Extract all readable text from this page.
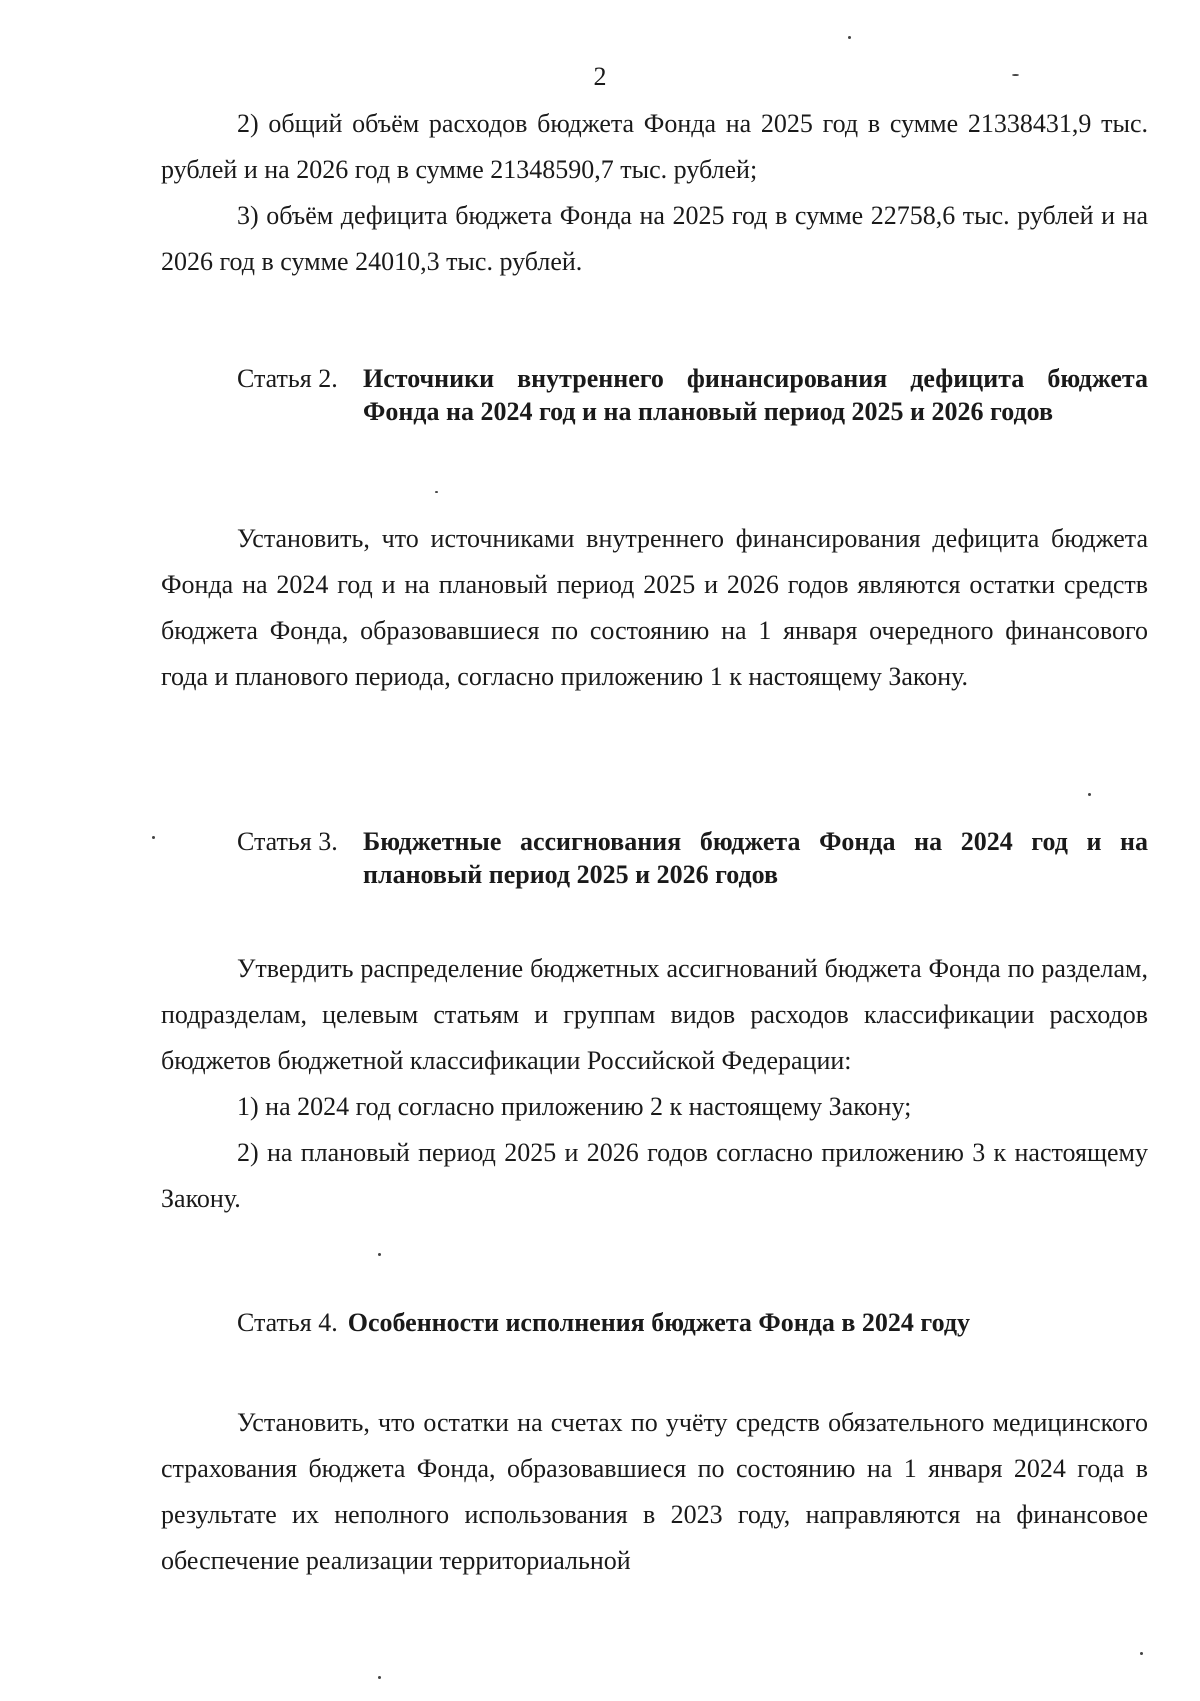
2

2) общий объём расходов бюджета Фонда на 2025 год в сумме 21338431,9 тыс. рублей и на 2026 год в сумме 21348590,7 тыс. рублей;

3) объём дефицита бюджета Фонда на 2025 год в сумме 22758,6 тыс. рублей и на 2026 год в сумме 24010,3 тыс. рублей.

Статья 2. Источники внутреннего финансирования дефицита бюджета Фонда на 2024 год и на плановый период 2025 и 2026 годов

Установить, что источниками внутреннего финансирования дефицита бюджета Фонда на 2024 год и на плановый период 2025 и 2026 годов являются остатки средств бюджета Фонда, образовавшиеся по состоянию на 1 января очередного финансового года и планового периода, согласно приложению 1 к настоящему Закону.

Статья 3. Бюджетные ассигнования бюджета Фонда на 2024 год и на плановый период 2025 и 2026 годов

Утвердить распределение бюджетных ассигнований бюджета Фонда по разделам, подразделам, целевым статьям и группам видов расходов классификации расходов бюджетов бюджетной классификации Российской Федерации:

1) на 2024 год согласно приложению 2 к настоящему Закону;

2) на плановый период 2025 и 2026 годов согласно приложению 3 к настоящему Закону.

Статья 4. Особенности исполнения бюджета Фонда в 2024 году

Установить, что остатки на счетах по учёту средств обязательного медицинского страхования бюджета Фонда, образовавшиеся по состоянию на 1 января 2024 года в результате их неполного использования в 2023 году, направляются на финансовое обеспечение реализации территориальной
